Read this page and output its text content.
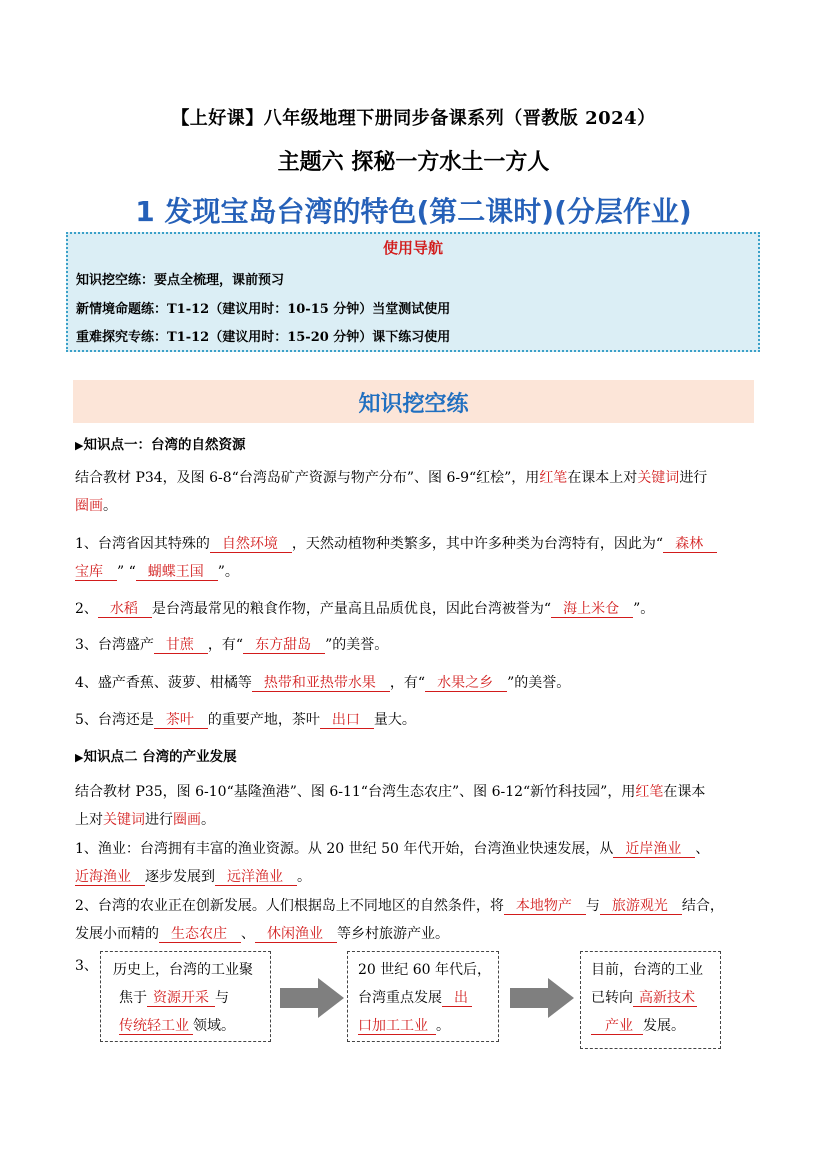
【上好课】八年级地理下册同步备课系列（晋教版 2024）
主题六 探秘一方水土一方人
1 发现宝岛台湾的特色(第二课时)(分层作业)
使用导航
知识挖空练：要点全梳理，课前预习
新情境命题练：T1-12（建议用时：10-15 分钟）当堂测试使用
重难探究专练：T1-12（建议用时：15-20 分钟）课下练习使用
知识挖空练
▶知识点一：台湾的自然资源
结合教材 P34，及图 6-8“台湾岛矿产资源与物产分布”、图 6-9“红桧”，用红笔在课本上对关键词进行
圈画。
1、台湾省因其特殊的 自然环境 ，天然动植物种类繁多，其中许多种类为台湾特有，因此为“ 森林
宝库 ” “ 蝴蝶王国 ”。
2、 水稻 是台湾最常见的粮食作物，产量高且品质优良，因此台湾被誉为“ 海上米仓 ”。
3、台湾盛产 甘蔗 ，有“ 东方甜岛 ”的美誉。
4、盛产香蕉、菠萝、柑橘等 热带和亚热带水果 ，有“ 水果之乡 ”的美誉。
5、台湾还是 茶叶 的重要产地，茶叶 出口 量大。
▶知识点二 台湾的产业发展
结合教材 P35，图 6-10“基隆渔港”、图 6-11“台湾生态农庄”、图 6-12“新竹科技园”，用红笔在课本
上对关键词进行圈画。
1、渔业：台湾拥有丰富的渔业资源。从 20 世纪 50 年代开始，台湾渔业快速发展，从 近岸渔业 、
近海渔业 逐步发展到 远洋渔业 。
2、台湾的农业正在创新发展。人们根据岛上不同地区的自然条件，将 本地物产 与 旅游观光 结合，
发展小而精的 生态农庄 、 休闲渔业 等乡村旅游产业。
3、 历史上，台湾的工业聚
焦于 资源开采 与
传统轻工业 领域。
20 世纪 60 年代后，
台湾重点发展 出
口加工工业 。
目前，台湾的工业
已转向 高新技术
产业 发展。
